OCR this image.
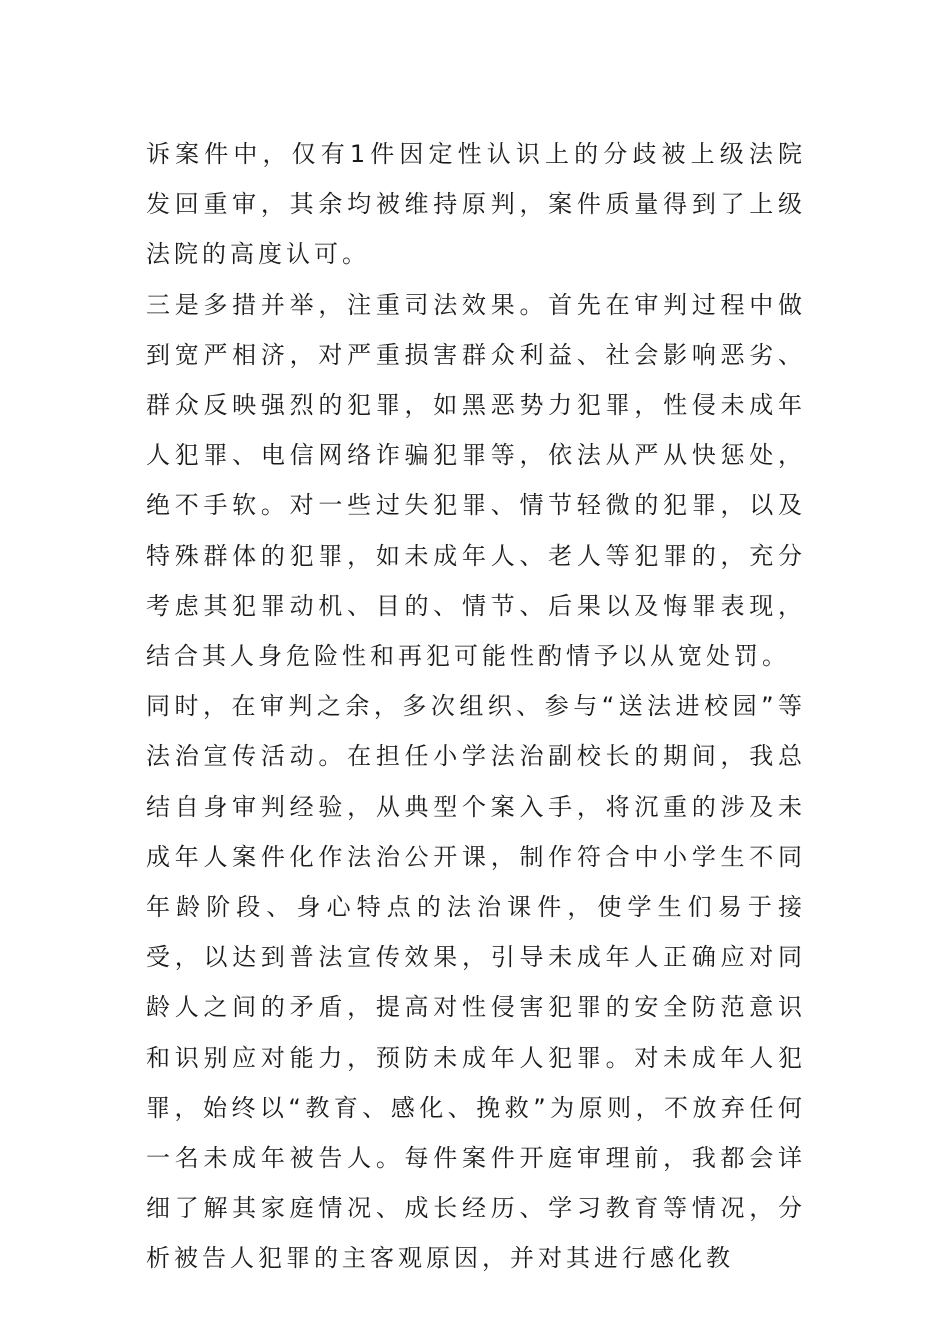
诉案件中，仅有1件因定性认识上的分歧被上级法院发回重审，其余均被维持原判，案件质量得到了上级法院的高度认可。

三是多措并举，注重司法效果。首先在审判过程中做到宽严相济，对严重损害群众利益、社会影响恶劣、群众反映强烈的犯罪，如黑恶势力犯罪，性侵未成年人犯罪、电信网络诈骗犯罪等，依法从严从快惩处，绝不手软。对一些过失犯罪、情节轻微的犯罪，以及特殊群体的犯罪，如未成年人、老人等犯罪的，充分考虑其犯罪动机、目的、情节、后果以及悔罪表现，结合其人身危险性和再犯可能性酌情予以从宽处罚。

同时，在审判之余，多次组织、参与“送法进校园”等法治宣传活动。在担任小学法治副校长的期间，我总结自身审判经验，从典型个案入手，将沉重的涉及未成年人案件化作法治公开课，制作符合中小学生不同年龄阶段、身心特点的法治课件，使学生们易于接受，以达到普法宣传效果，引导未成年人正确应对同龄人之间的矛盾，提高对性侵害犯罪的安全防范意识和识别应对能力，预防未成年人犯罪。对未成年人犯罪，始终以“教育、感化、挽救”为原则，不放弃任何一名未成年被告人。每件案件开庭审理前，我都会详细了解其家庭情况、成长经历、学习教育等情况，分析被告人犯罪的主客观原因，并对其进行感化教
